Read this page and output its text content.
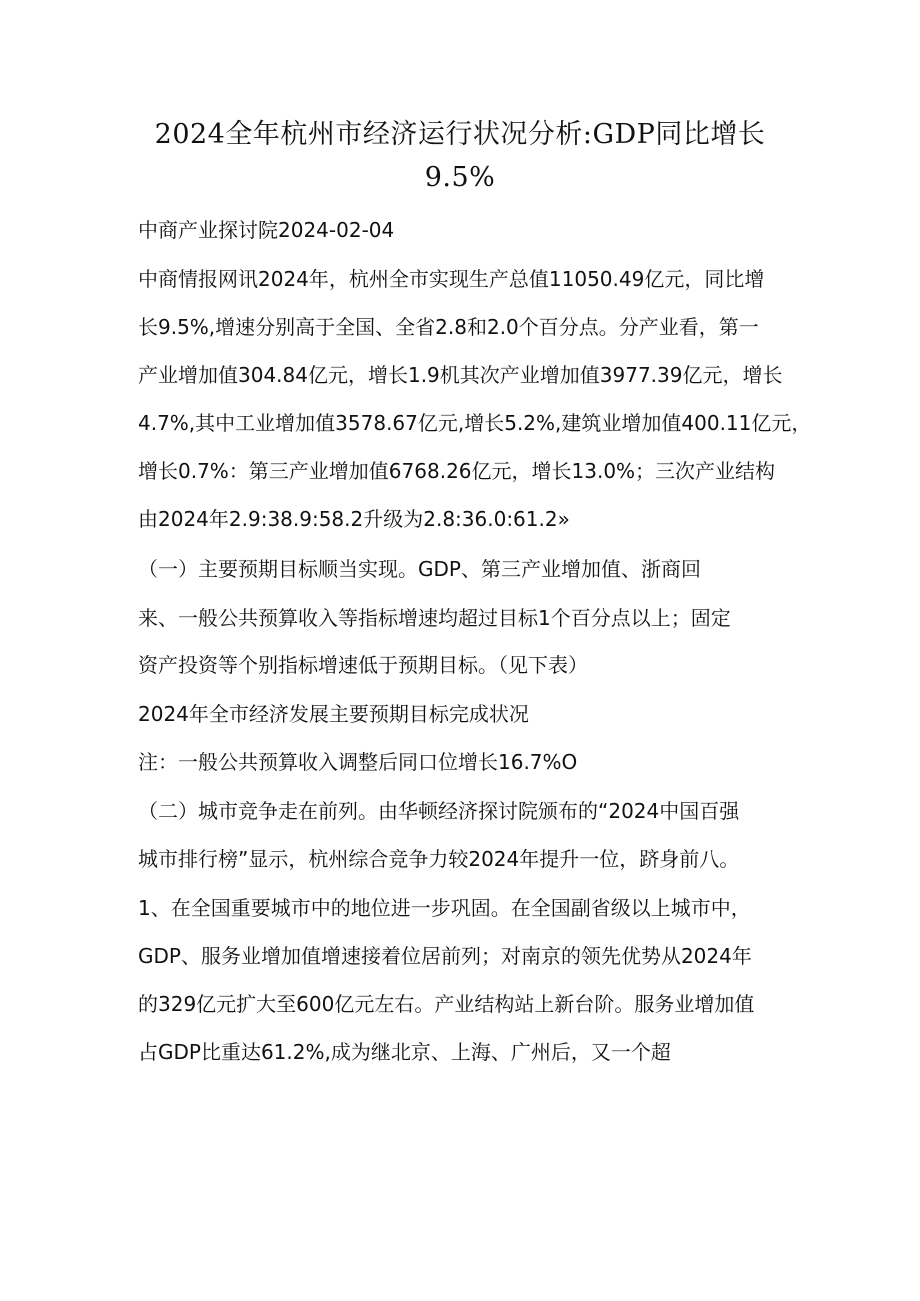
2024全年杭州市经济运行状况分析:GDP同比增长
9.5%
中商产业探讨院2024-02-04
中商情报网讯2024年，杭州全市实现生产总值11050.49亿元，同比增
长9.5%,增速分别高于全国、全省2.8和2.0个百分点。分产业看，第一
产业增加值304.84亿元，增长1.9机其次产业增加值3977.39亿元，增长
4.7%,其中工业增加值3578.67亿元,增长5.2%,建筑业增加值400.11亿元，
增长0.7%：第三产业增加值6768.26亿元，增长13.0%；三次产业结构
由2024年2.9:38.9:58.2升级为2.8:36.0:61.2»
（一）主要预期目标顺当实现。GDP、第三产业增加值、浙商回
来、一般公共预算收入等指标增速均超过目标1个百分点以上；固定
资产投资等个别指标增速低于预期目标。（见下表）
2024年全市经济发展主要预期目标完成状况
注：一般公共预算收入调整后同口位增长16.7%O
（二）城市竞争走在前列。由华顿经济探讨院颁布的“2024中国百强
城市排行榜”显示，杭州综合竞争力较2024年提升一位，跻身前八。
1、在全国重要城市中的地位进一步巩固。在全国副省级以上城市中，
GDP、服务业增加值增速接着位居前列；对南京的领先优势从2024年
的329亿元扩大至600亿元左右。产业结构站上新台阶。服务业增加值
占GDP比重达61.2%,成为继北京、上海、广州后，又一个超
